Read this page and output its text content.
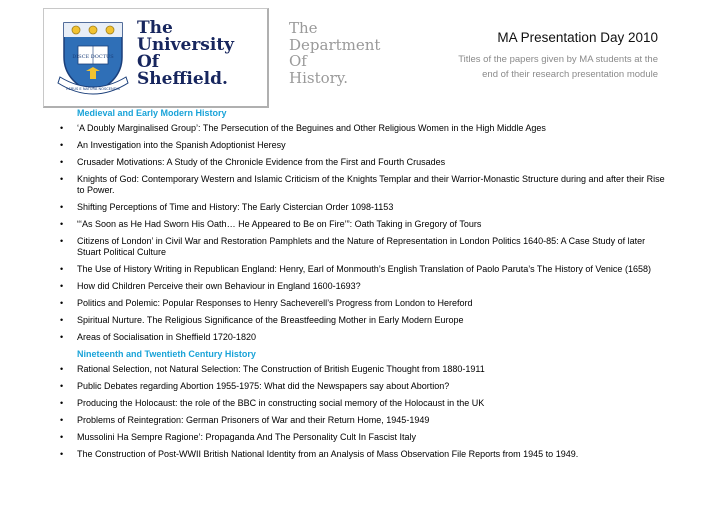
DISCE DOCTUS
REBUS E NATURA NOSCENDIS
The
University
Of
Sheffield.
The
Department
Of
History.
MA Presentation Day 2010
Titles of the papers given by MA students at the
end of their research presentation module
Medieval and Early Modern History
•	‘A Doubly Marginalised Group’: The Persecution of the Beguines and Other Religious Women in the High Middle Ages
•	An Investigation into the Spanish Adoptionist Heresy
•	Crusader Motivations: A Study of the Chronicle Evidence from the First and Fourth Crusades
•	Knights of God: Contemporary Western and Islamic Criticism of the Knights Templar and their Warrior-Monastic Structure during and after their Rise to Power.
•	Shifting Perceptions of Time and History: The Early Cistercian Order 1098-1153
•	“‘As Soon as He Had Sworn His Oath… He Appeared to Be on Fire’”: Oath Taking in Gregory of Tours
•	Citizens of London’ in Civil War and Restoration Pamphlets and the Nature of Representation in London Politics 1640-85: A Case Study of later Stuart Political Culture
•	The Use of History Writing in Republican England: Henry, Earl of Monmouth’s English Translation of Paolo Paruta’s The History of Venice (1658)
•	How did Children Perceive their own Behaviour in England 1600-1693?
•	Politics and Polemic: Popular Responses to Henry Sacheverell’s Progress from London to Hereford
•	Spiritual Nurture. The Religious Significance of the Breastfeeding Mother in Early Modern Europe
•	Areas of Socialisation in Sheffield 1720-1820
Nineteenth and Twentieth Century History
•	Rational Selection, not Natural Selection: The Construction of British Eugenic Thought from 1880-1911
•	Public Debates regarding Abortion 1955-1975: What did the Newspapers say about Abortion?
•	Producing the Holocaust: the role of the BBC in constructing social memory of the Holocaust in the UK
•	Problems of Reintegration: German Prisoners of War and their Return Home, 1945-1949
•	Mussolini Ha Sempre Ragione’: Propaganda And The Personality Cult In Fascist Italy
•	The Construction of Post-WWII British National Identity from an Analysis of Mass Observation File Reports from 1945 to 1949.
